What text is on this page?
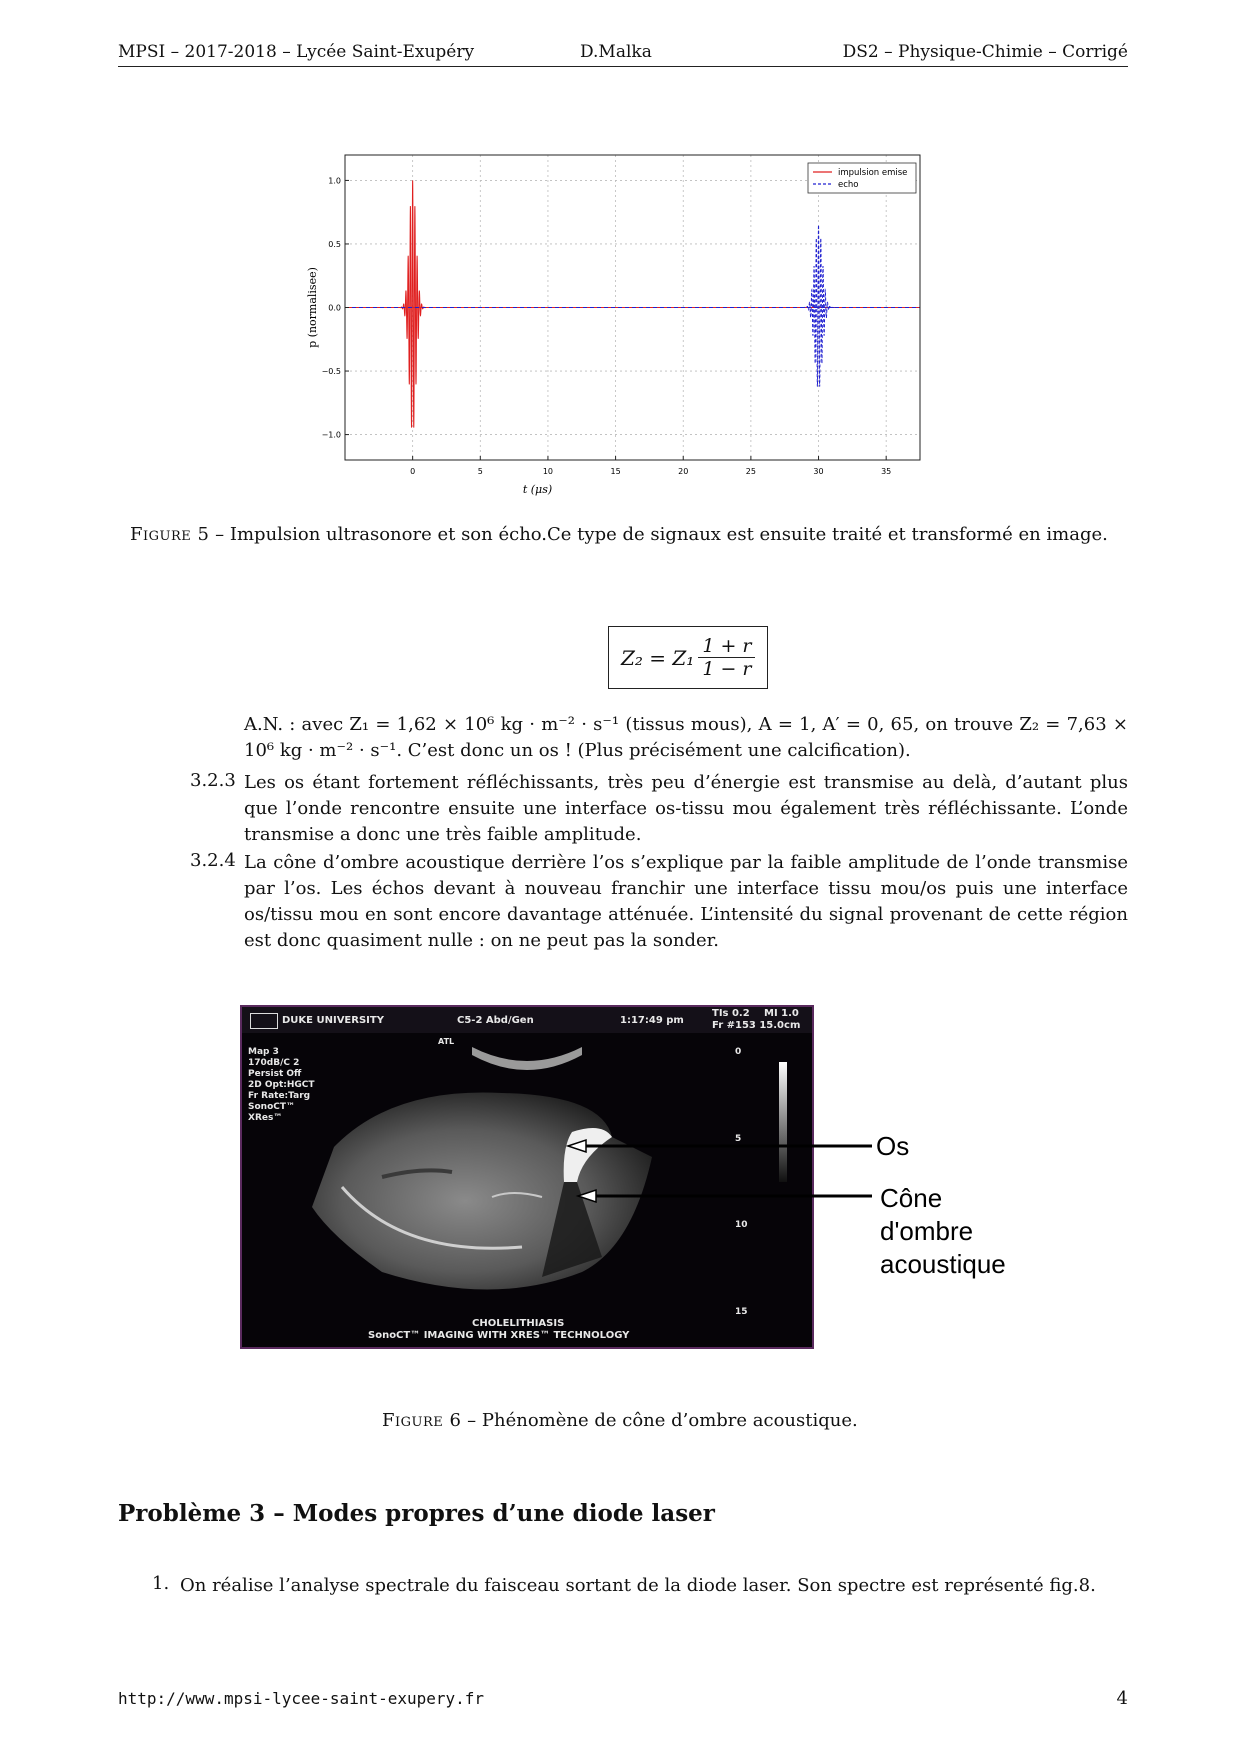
MPSI – 2017-2018 – Lycée Saint-Exupéry	D.Malka	DS2 – Physique-Chimie – Corrigé
0	5	10	15	20	25	30	35
−1.0
−0.5
0.0
0.5
1.0
t (μs)
p (normalisee)
impulsion emise
echo
Figure 5 – Impulsion ultrasonore et son écho.Ce type de signaux est ensuite traité et transformé en image.
$Z_2 = Z_1 \frac{1 + r}{1 - r}$
A.N. : avec Z₁ = 1,62 × 10⁶ kg · m⁻² · s⁻¹ (tissus mous), A = 1, A′ = 0, 65, on trouve Z₂ = 7,63 × 10⁶ kg · m⁻² · s⁻¹. C’est donc un os ! (Plus précisément une calcification).
3.2.3 Les os étant fortement réfléchissants, très peu d’énergie est transmise au delà, d’autant plus que l’onde rencontre ensuite une interface os-tissu mou également très réfléchissante. L’onde transmise a donc une très faible amplitude.
3.2.4 La cône d’ombre acoustique derrière l’os s’explique par la faible amplitude de l’onde transmise par l’os. Les échos devant à nouveau franchir une interface tissu mou/os puis une interface os/tissu mou en sont encore davantage atténuée. L’intensité du signal provenant de cette région est donc quasiment nulle : on ne peut pas la sonder.
DUKE UNIVERSITY	C5-2 Abd/Gen	1:17:49 pm
TIs 0.2 MI 1.0
Fr #153 15.0cm
ATL
Map 3
170dB/C 2
Persist Off
2D Opt:HGCT
Fr Rate:Targ
SonoCT™
XRes™
0
5
10
15
CHOLELITHIASIS
SonoCT™ IMAGING WITH XRES™ TECHNOLOGY
Os
Cône
d'ombre
acoustique
Figure 6 – Phénomène de cône d’ombre acoustique.
Problème 3 – Modes propres d’une diode laser
1. On réalise l’analyse spectrale du faisceau sortant de la diode laser. Son spectre est représenté fig.8.
http://www.mpsi-lycee-saint-exupery.fr	4
